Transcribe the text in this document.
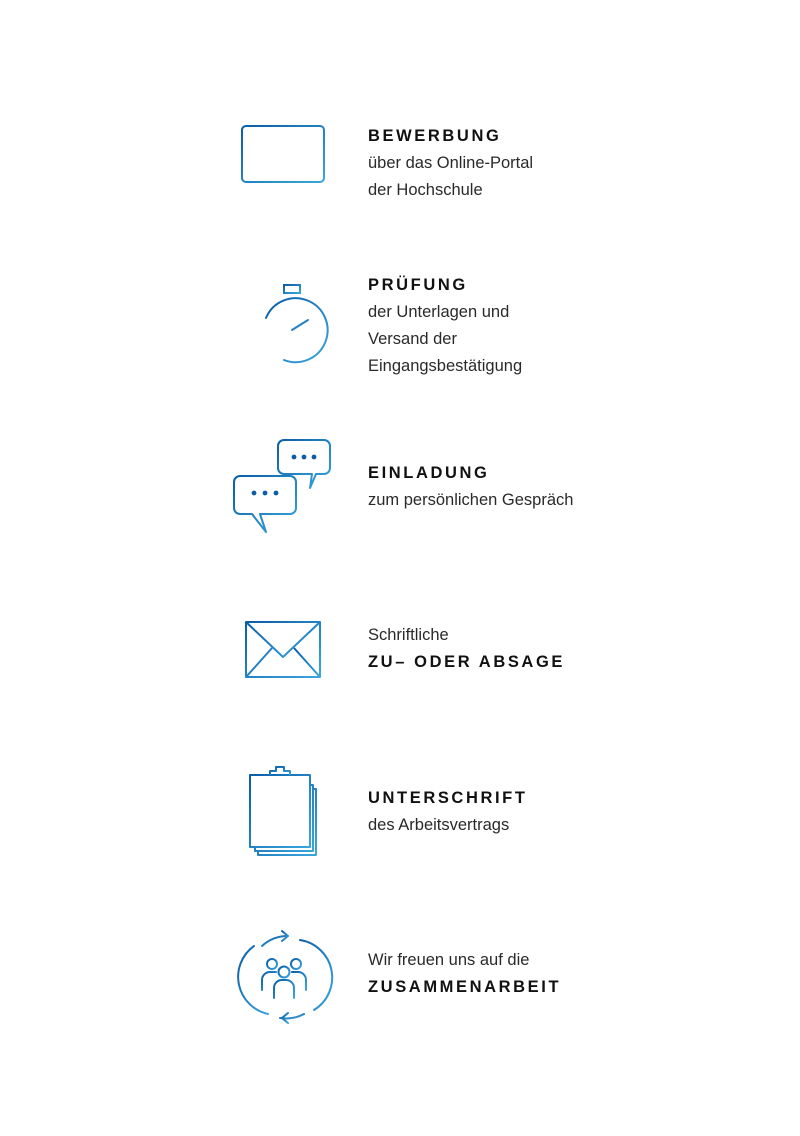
BEWERBUNG
über das Online-Portal
der Hochschule
PRÜFUNG
der Unterlagen und
Versand der
Eingangsbestätigung
EINLADUNG
zum persönlichen Gespräch
Schriftliche
ZU– ODER ABSAGE
UNTERSCHRIFT
des Arbeitsvertrags
Wir freuen uns auf die
ZUSAMMENARBEIT
